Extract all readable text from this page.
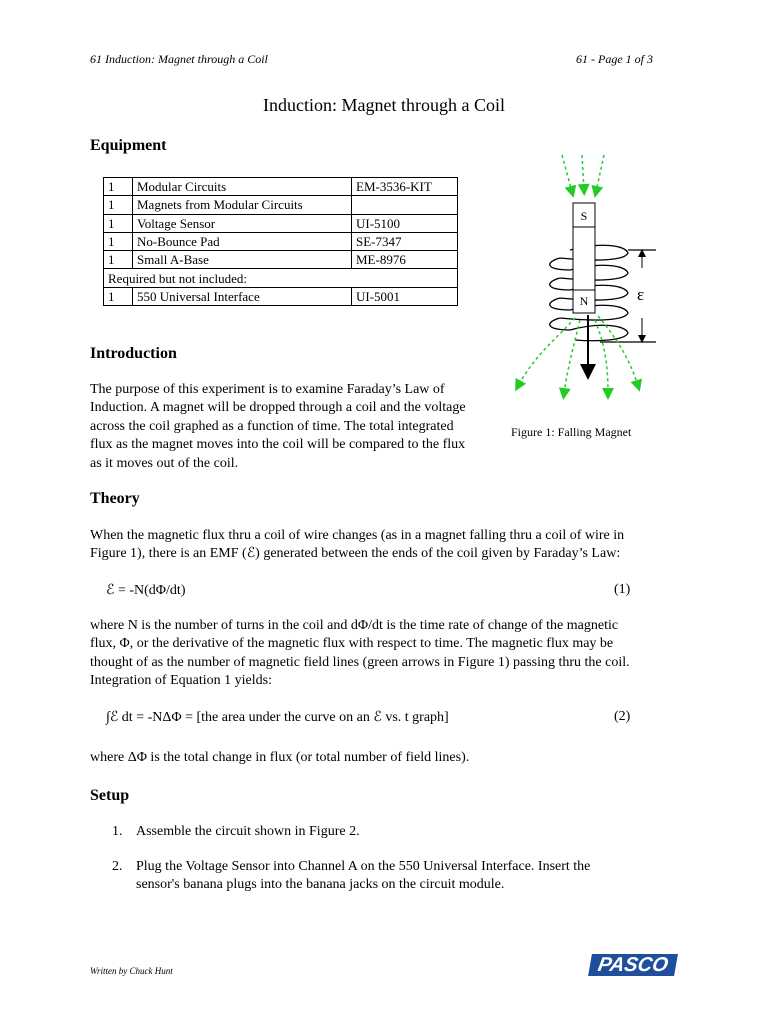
61 Induction: Magnet through a Coil	61 - Page 1 of 3
Induction: Magnet through a Coil
Equipment
1	Modular Circuits	EM-3536-KIT
1	Magnets from Modular Circuits	
1	Voltage Sensor	UI-5100
1	No-Bounce Pad	SE-7347
1	Small A-Base	ME-8976
Required but not included:		
1	550 Universal Interface	UI-5001
S
N	ε
Figure 1: Falling Magnet
Introduction
The purpose of this experiment is to examine Faraday’s Law of
Induction. A magnet will be dropped through a coil and the voltage
across the coil graphed as a function of time. The total integrated
flux as the magnet moves into the coil will be compared to the flux
as it moves out of the coil.
Theory
When the magnetic flux thru a coil of wire changes (as in a magnet falling thru a coil of wire in
Figure 1), there is an EMF (ℰ) generated between the ends of the coil given by Faraday’s Law:
ℰ = -N(dΦ/dt)	(1)
where N is the number of turns in the coil and dΦ/dt is the time rate of change of the magnetic
flux, Φ, or the derivative of the magnetic flux with respect to time. The magnetic flux may be
thought of as the number of magnetic field lines (green arrows in Figure 1) passing thru the coil.
Integration of Equation 1 yields:
∫ℰ dt = -NΔΦ = [the area under the curve on an ℰ vs. t graph]	(2)
where ΔΦ is the total change in flux (or total number of field lines).
Setup
1. Assemble the circuit shown in Figure 2.
2. Plug the Voltage Sensor into Channel A on the 550 Universal Interface. Insert the
sensor's banana plugs into the banana jacks on the circuit module.
Written by Chuck Hunt	PASCO
